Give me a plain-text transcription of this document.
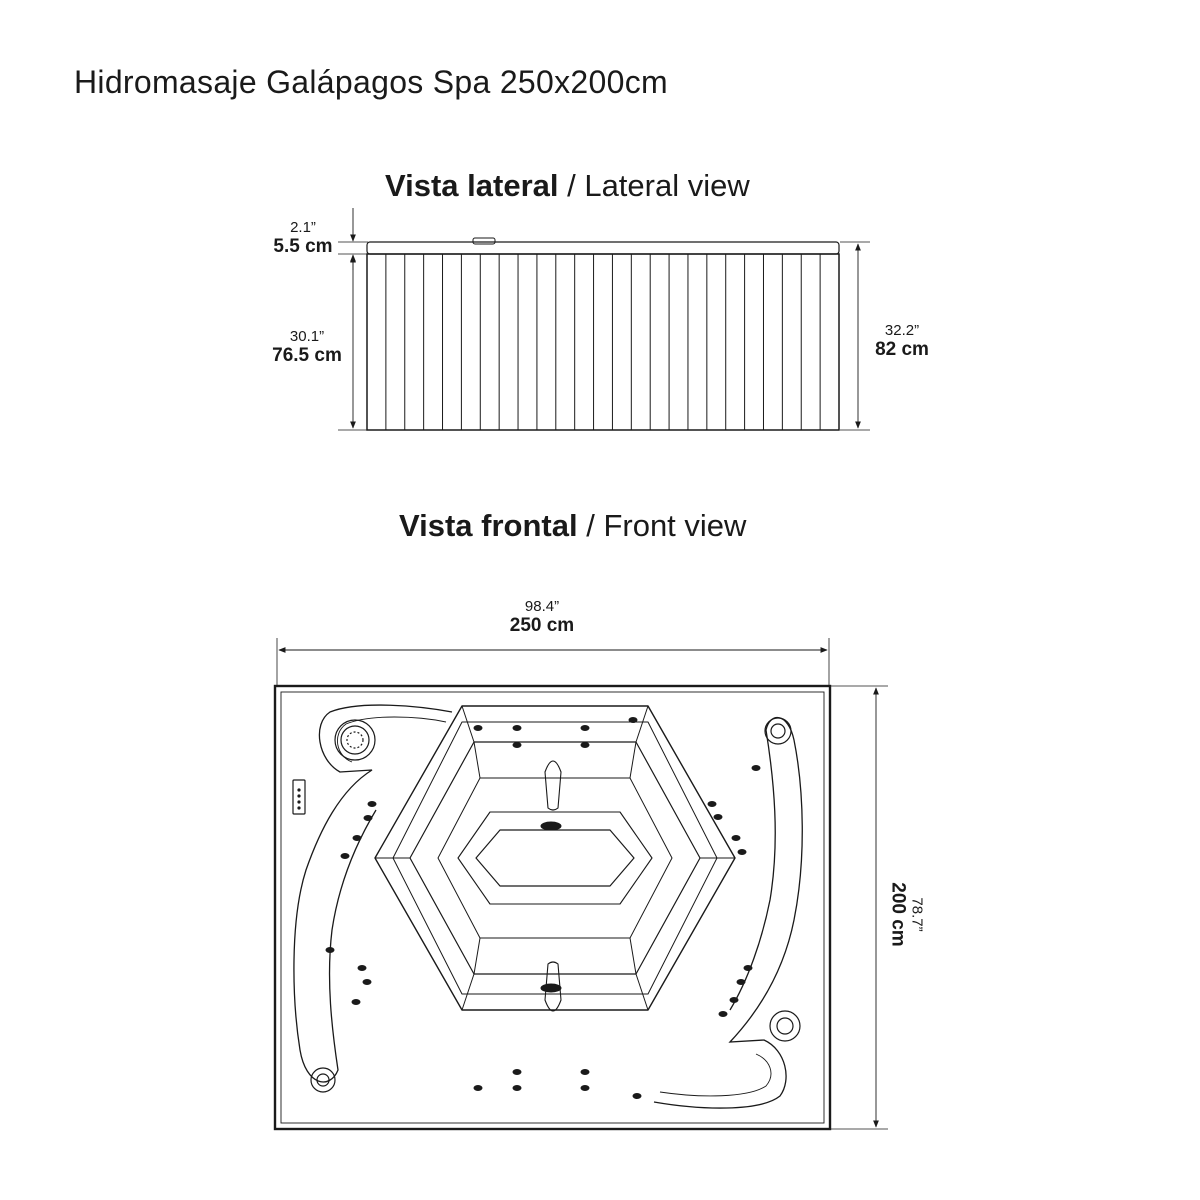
Hidromasaje Galápagos Spa 250x200cm
Vista lateral / Lateral view
Vista frontal / Front view
2.1”
5.5 cm
30.1”
76.5 cm
32.2”
82 cm
98.4”
250 cm
78.7”
200 cm
